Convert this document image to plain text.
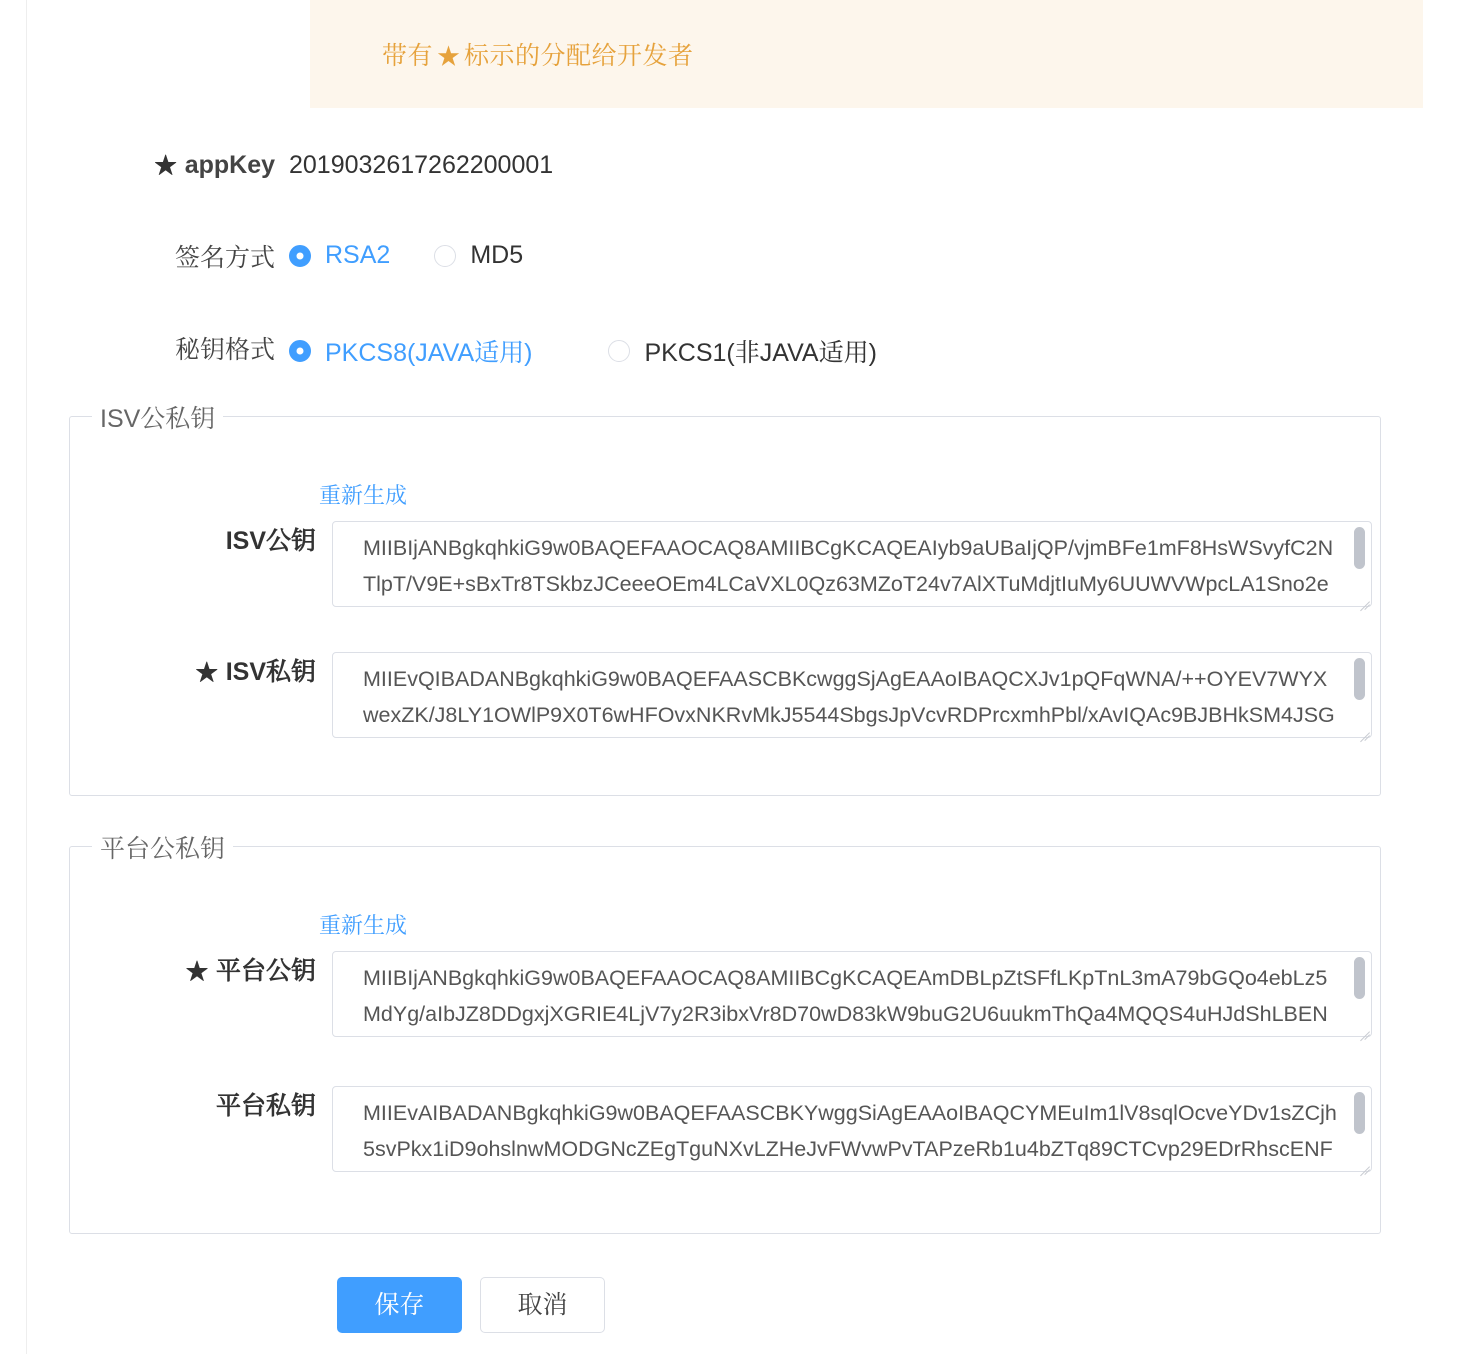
带有 ★ 标示的分配给开发者
★ appKey 2019032617262200001
签名方式	RSA2	MD5
秘钥格式	PKCS8(JAVA适用)	PKCS1(非JAVA适用)
ISV公私钥
重新生成
ISV公钥
MIIBIjANBgkqhkiG9w0BAQEFAAOCAQ8AMIIBCgKCAQEAIyb9aUBaIjQP/vjmBFe1mF8HsWSvyfC2NTlpT/V9E+sBxTr8TSkbzJCeeeOEm4LCaVXL0Qz63MZoT24v7AlXTuMdjtIuMy6UUWVWpcLA1Sno2eTv12C0lQQ1M4daWFMR/ZWhMlNcFP09aPC0F48k
★ ISV私钥
MIIEvQIBADANBgkqhkiG9w0BAQEFAASCBKcwggSjAgEAAoIBAQCXJv1pQFqWNA/++OYEV7WYXwexZK/J8LY1OWlP9X0T6wHFOvxNKRvMkJ5544SbgsJpVcvRDPrcxmhPbl/xAvIQAc9BJBHkSM4JSGMfQGw4F9FDkDw4C0IMwbVKA04FLqTFbxV/h1cAJxMSLcST
平台公私钥
重新生成
★ 平台公钥
MIIBIjANBgkqhkiG9w0BAQEFAAOCAQ8AMIIBCgKCAQEAmDBLpZtSFfLKpTnL3mA79bGQo4ebLz5MdYg/aIbJZ8DDgxjXGRIE4LjV7y2R3ibxVr8D70wD83kW9buG2U6uukmThQa4MQQS4uHJdShLBENuM4QaJ2FUMOcJNTVMSp4AFJrbTIWSPQsmdwiNjusMFRQ
平台私钥
MIIEvAIBADANBgkqhkiG9w0BAQEFAASCBKYwggSiAgEAAoIBAQCYMEuIm1lV8sqlOcveYDv1sZCjh5svPkx1iD9ohslnwMODGNcZEgTguNXvLZHeJvFWvwPvTAPzeRb1u4bZTq89CTCvp29EDrRhscENFCsIHa6GzQ3aqQUuLJCIRULMKSqZUMDzwCSMSTMS4p
保存	取消
